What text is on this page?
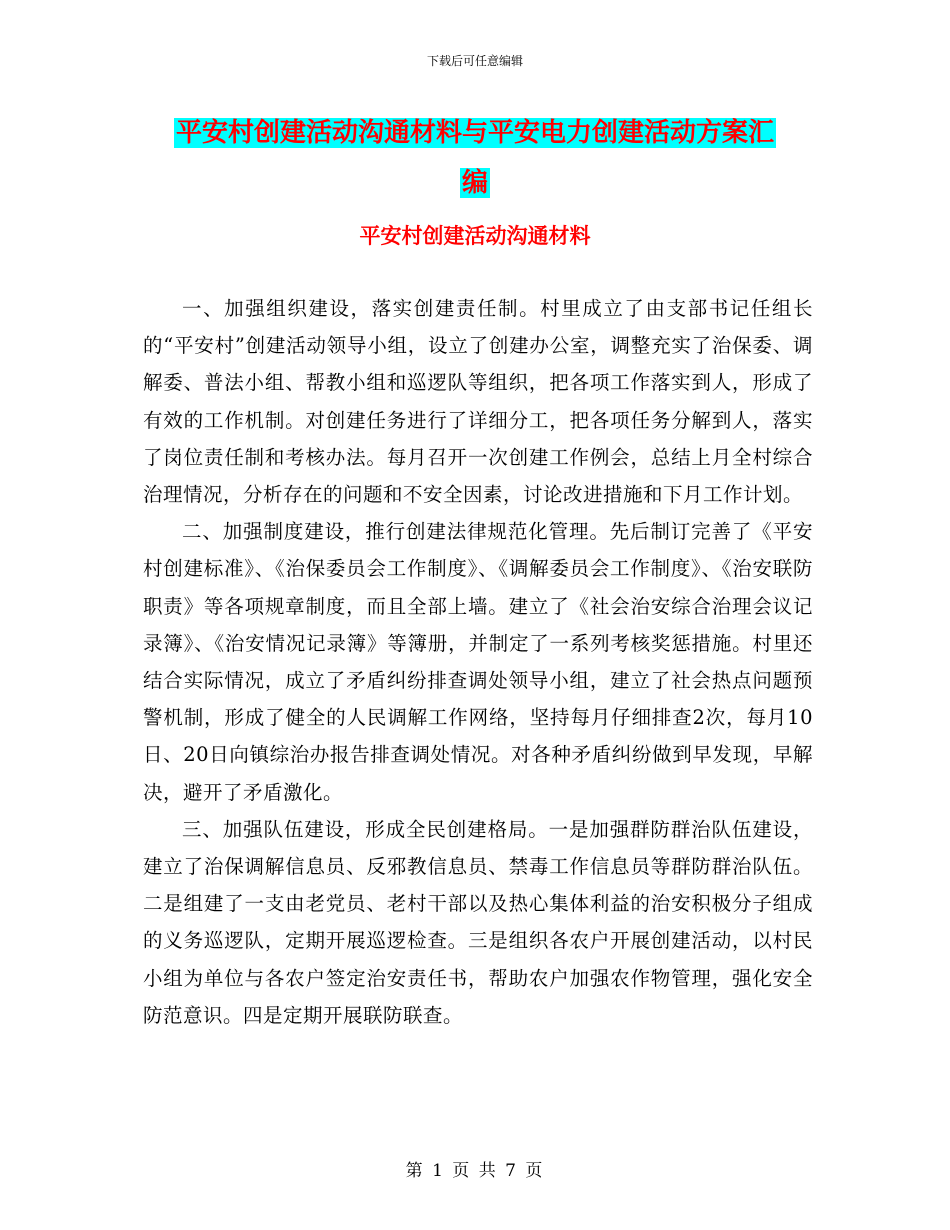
下载后可任意编辑
平安村创建活动沟通材料与平安电力创建活动方案汇
编
平安村创建活动沟通材料

一、加强组织建设，落实创建责任制。村里成立了由支部书记任组长的“平安村”创建活动领导小组，设立了创建办公室，调整充实了治保委、调解委、普法小组、帮教小组和巡逻队等组织，把各项工作落实到人，形成了有效的工作机制。对创建任务进行了详细分工，把各项任务分解到人，落实了岗位责任制和考核办法。每月召开一次创建工作例会，总结上月全村综合治理情况，分析存在的问题和不安全因素，讨论改进措施和下月工作计划。

二、加强制度建设，推行创建法律规范化管理。先后制订完善了《平安村创建标准》、《治保委员会工作制度》、《调解委员会工作制度》、《治安联防职责》等各项规章制度，而且全部上墙。建立了《社会治安综合治理会议记录簿》、《治安情况记录簿》等簿册，并制定了一系列考核奖惩措施。村里还结合实际情况，成立了矛盾纠纷排查调处领导小组，建立了社会热点问题预警机制，形成了健全的人民调解工作网络，坚持每月仔细排查2次，每月10日、20日向镇综治办报告排查调处情况。对各种矛盾纠纷做到早发现，早解决，避开了矛盾激化。

三、加强队伍建设，形成全民创建格局。一是加强群防群治队伍建设，建立了治保调解信息员、反邪教信息员、禁毒工作信息员等群防群治队伍。二是组建了一支由老党员、老村干部以及热心集体利益的治安积极分子组成的义务巡逻队，定期开展巡逻检查。三是组织各农户开展创建活动，以村民小组为单位与各农户签定治安责任书，帮助农户加强农作物管理，强化安全防范意识。四是定期开展联防联查。

第 1 页 共 7 页
